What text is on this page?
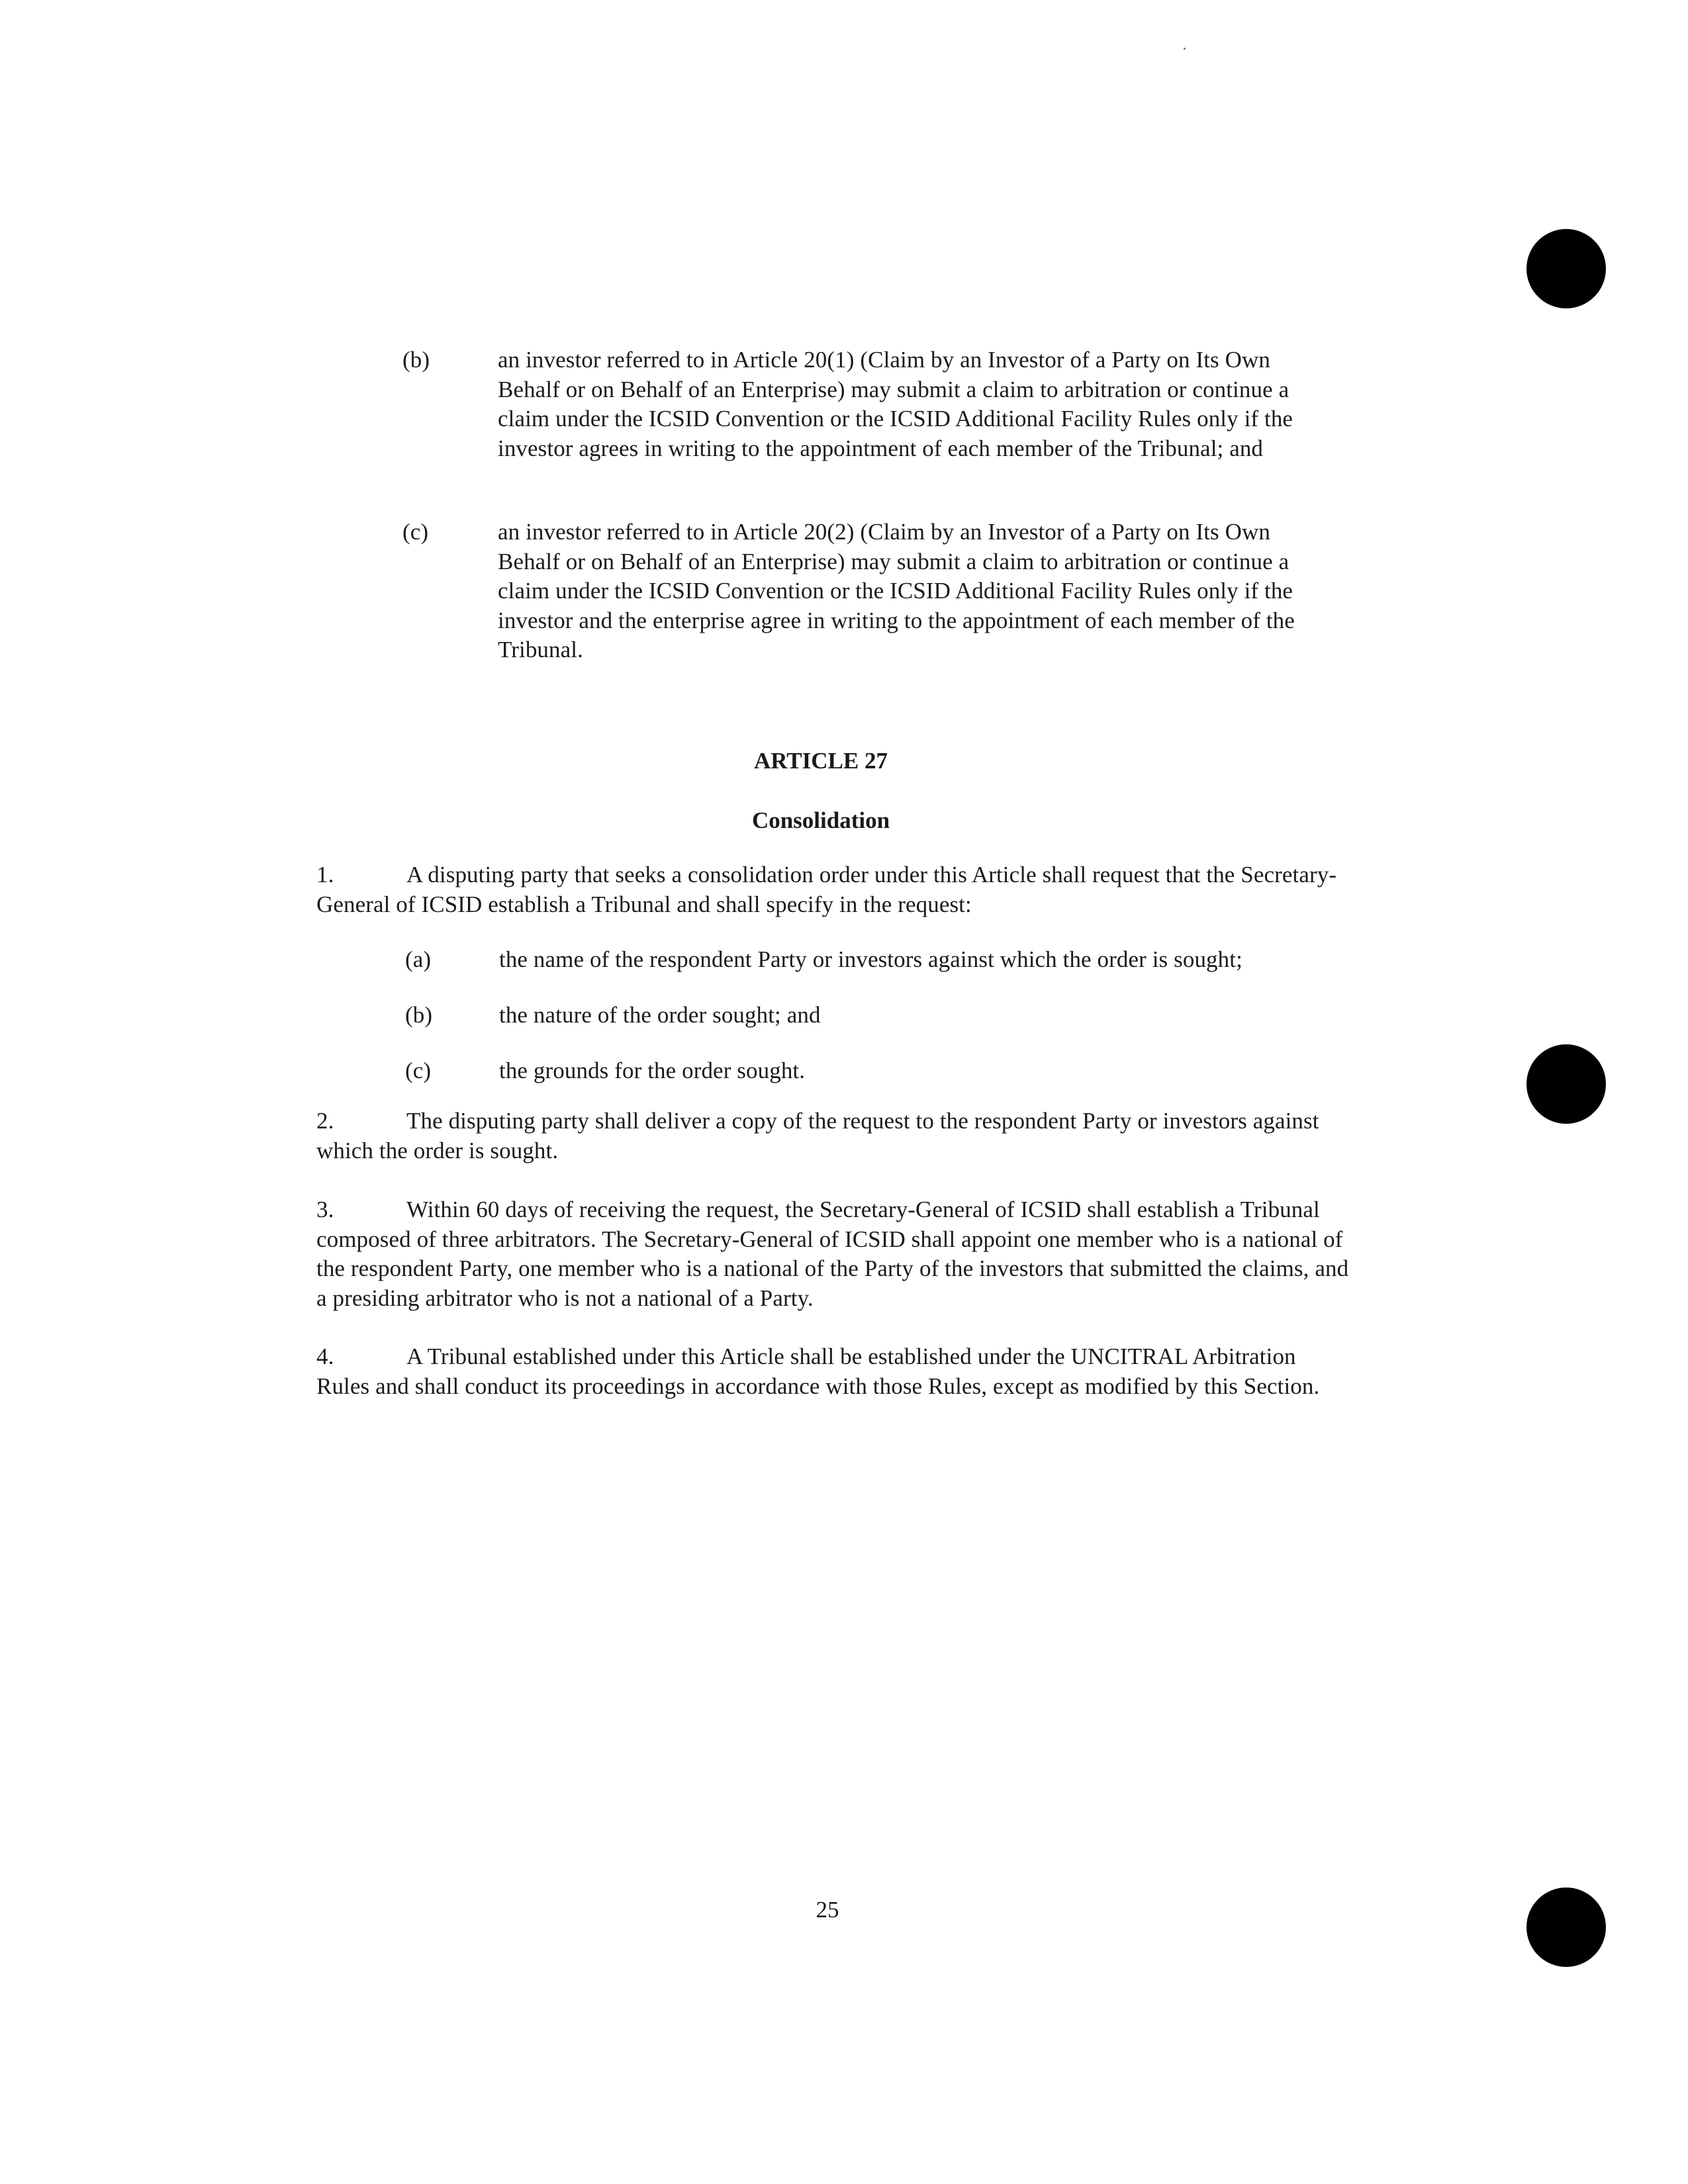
(b)	an investor referred to in Article 20(1) (Claim by an Investor of a Party on Its Own Behalf or on Behalf of an Enterprise) may submit a claim to arbitration or continue a claim under the ICSID Convention or the ICSID Additional Facility Rules only if the investor agrees in writing to the appointment of each member of the Tribunal; and
(c)	an investor referred to in Article 20(2) (Claim by an Investor of a Party on Its Own Behalf or on Behalf of an Enterprise) may submit a claim to arbitration or continue a claim under the ICSID Convention or the ICSID Additional Facility Rules only if the investor and the enterprise agree in writing to the appointment of each member of the Tribunal.
ARTICLE 27
Consolidation
1.	A disputing party that seeks a consolidation order under this Article shall request that the Secretary-General of ICSID establish a Tribunal and shall specify in the request:
(a)	the name of the respondent Party or investors against which the order is sought;
(b)	the nature of the order sought; and
(c)	the grounds for the order sought.
2.	The disputing party shall deliver a copy of the request to the respondent Party or investors against which the order is sought.
3.	Within 60 days of receiving the request, the Secretary-General of ICSID shall establish a Tribunal composed of three arbitrators. The Secretary-General of ICSID shall appoint one member who is a national of the respondent Party, one member who is a national of the Party of the investors that submitted the claims, and a presiding arbitrator who is not a national of a Party.
4.	A Tribunal established under this Article shall be established under the UNCITRAL Arbitration Rules and shall conduct its proceedings in accordance with those Rules, except as modified by this Section.
25
